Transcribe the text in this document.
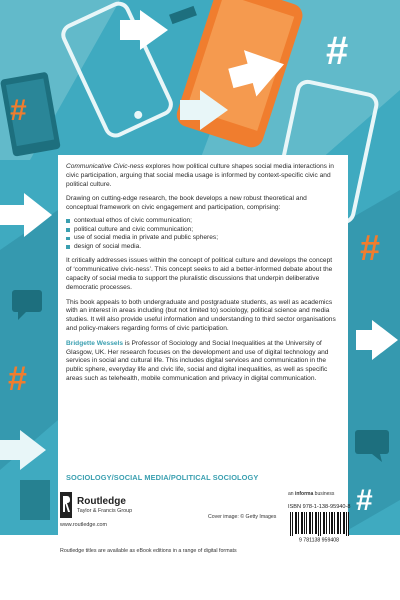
#
#
#
#
#

Communicative Civic-ness explores how political culture shapes social media interactions in civic participation, arguing that social media usage is informed by context-specific civic and political culture.

Drawing on cutting-edge research, the book develops a new robust theoretical and conceptual framework on civic engagement and participation, comprising:

contextual ethos of civic communication;
political culture and civic communication;
use of social media in private and public spheres;
design of social media.

It critically addresses issues within the concept of political culture and develops the concept of ‘communicative civic-ness’. This concept seeks to aid a better-informed debate about the capacity of social media to support the pluralistic discussions that underpin deliberative democratic processes.

This book appeals to both undergraduate and postgraduate students, as well as academics with an interest in areas including (but not limited to) sociology, political science and media studies. It will also provide useful information and understanding to third sector organisations and policy-makers regarding forms of civic participation.

Bridgette Wessels is Professor of Sociology and Social Inequalities at the University of Glasgow, UK. Her research focuses on the development and use of digital technology and services in social and cultural life. This includes digital services and communication in the public sphere, everyday life and civic life, social and digital inequalities, as well as specific areas such as telehealth, mobile communication and privacy in digital communication.

SOCIOLOGY/SOCIAL MEDIA/POLITICAL SOCIOLOGY
Routledge
Taylor & Francis Group
www.routledge.com
Cover image: © Getty Images
an informa business
ISBN 978-1-138-95940-8
9 781138 959408
Routledge titles are available as eBook editions in a range of digital formats
